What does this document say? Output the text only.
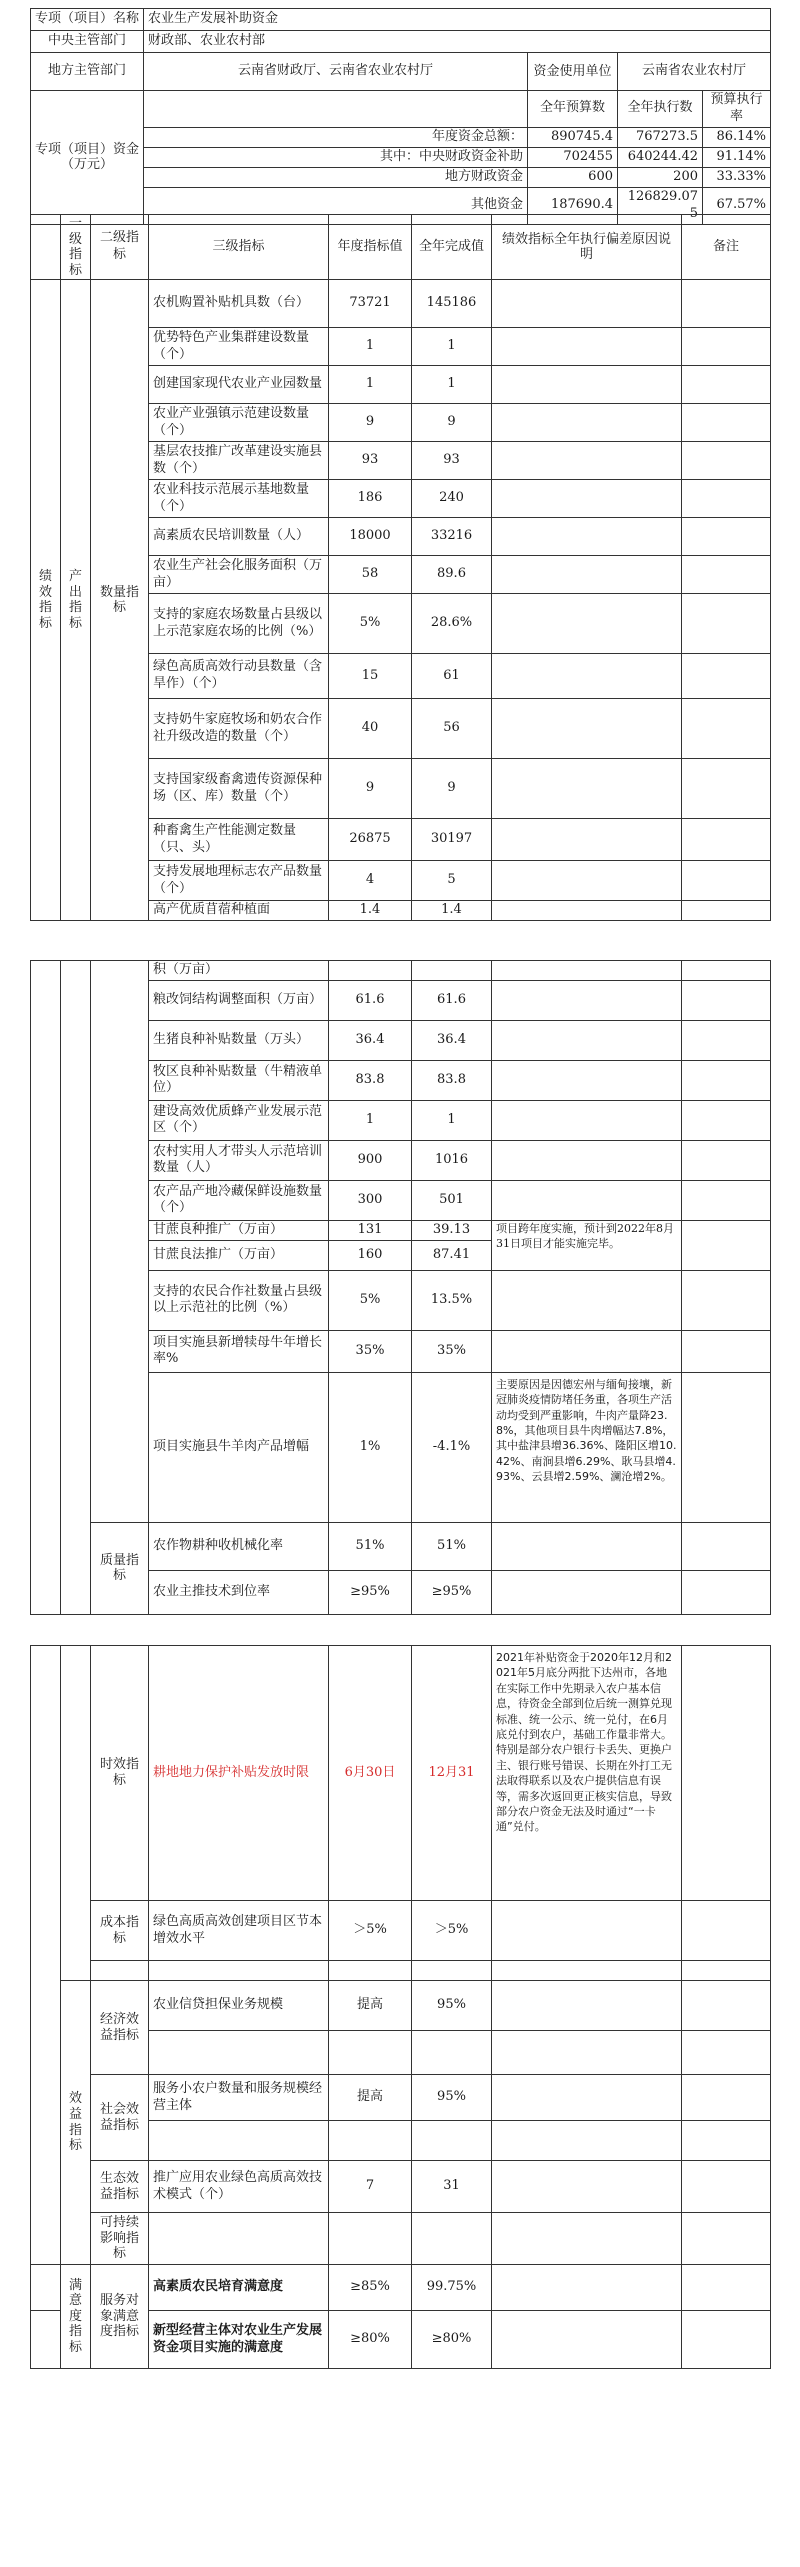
专项（项目）名称	农业生产发展补助资金			
中央主管部门	财政部、农业农村部			
地方主管部门	云南省财政厅、云南省农业农村厅	资金使用单位	云南省农业农村厅	
专项（项目）资金（万元）		全年预算数	全年执行数	预算执行率
	年度资金总额：	890745.4	767273.5	86.14%
	其中：中央财政资金补助	702455	640244.42	91.14%
	地方财政资金	600	200	33.33%
	其他资金	187690.4	126829.075	67.57%
	一级指标	二级指标	三级指标	年度指标值	全年完成值	绩效指标全年执行偏差原因说明	备注
绩效指标	产出指标	数量指标	农机购置补贴机具数（台）	73721	145186		
			优势特色产业集群建设数量（个）	1	1		
			创建国家现代农业产业园数量	1	1		
			农业产业强镇示范建设数量（个）	9	9		
			基层农技推广改革建设实施县数（个）	93	93		
			农业科技示范展示基地数量（个）	186	240		
			高素质农民培训数量（人）	18000	33216		
			农业生产社会化服务面积（万亩）	58	89.6		
			支持的家庭农场数量占县级以上示范家庭农场的比例（%）	5%	28.6%		
			绿色高质高效行动县数量（含旱作）（个）	15	61		
			支持奶牛家庭牧场和奶农合作社升级改造的数量（个）	40	56		
			支持国家级畜禽遗传资源保种场（区、库）数量（个）	9	9		
			种畜禽生产性能测定数量（只、头）	26875	30197		
			支持发展地理标志农产品数量（个）	4	5		
			高产优质苜蓿种植面	1.4	1.4		
			积（万亩）				
			粮改饲结构调整面积（万亩）	61.6	61.6		
			生猪良种补贴数量（万头）	36.4	36.4		
			牧区良种补贴数量（牛精液单位）	83.8	83.8		
			建设高效优质蜂产业发展示范区（个）	1	1		
			农村实用人才带头人示范培训数量（人）	900	1016		
			农产品产地冷藏保鲜设施数量（个）	300	501		
			甘蔗良种推广（万亩）	131	39.13	项目跨年度实施，预计到2022年8月31日项目才能实施完毕。	
			甘蔗良法推广（万亩）	160	87.41		
			支持的农民合作社数量占县级以上示范社的比例（%）	5%	13.5%		
			项目实施县新增犊母牛年增长率%	35%	35%		
			项目实施县牛羊肉产品增幅	1%	-4.1%	主要原因是因德宏州与缅甸接壤，新冠肺炎疫情防堵任务重，各项生产活动均受到严重影响，牛肉产量降23.8%，其他项目县牛肉增幅达7.8%，其中盐津县增36.36%、隆阳区增10.42%、南涧县增6.29%、耿马县增4.93%、云县增2.59%、澜沧增2%。	
		质量指标	农作物耕种收机械化率	51%	51%		
			农业主推技术到位率	≥95%	≥95%		
		时效指标	耕地地力保护补贴发放时限	6月30日	12月31	2021年补贴资金于2020年12月和2021年5月底分两批下达州市，各地在实际工作中先期录入农户基本信息，待资金全部到位后统一测算兑现标准、统一公示、统一兑付，在6月底兑付到农户，基础工作量非常大。特别是部分农户银行卡丢失、更换户主、银行账号错误、长期在外打工无法取得联系以及农户提供信息有误等，需多次返回更正核实信息，导致部分农户资金无法及时通过“一卡通”兑付。	
		成本指标	绿色高质高效创建项目区节本增效水平	＞5%	＞5%		

	效益指标	经济效益指标	农业信贷担保业务规模	提高	95%		

		社会效益指标	服务小农户数量和服务规模经营主体	提高	95%		

		生态效益指标	推广应用农业绿色高质高效技术模式（个）	7	31		
		可持续影响指标					
	满意度指标	服务对象满意度指标	高素质农民培育满意度	≥85%	99.75%		
			新型经营主体对农业生产发展资金项目实施的满意度	≥80%	≥80%		
